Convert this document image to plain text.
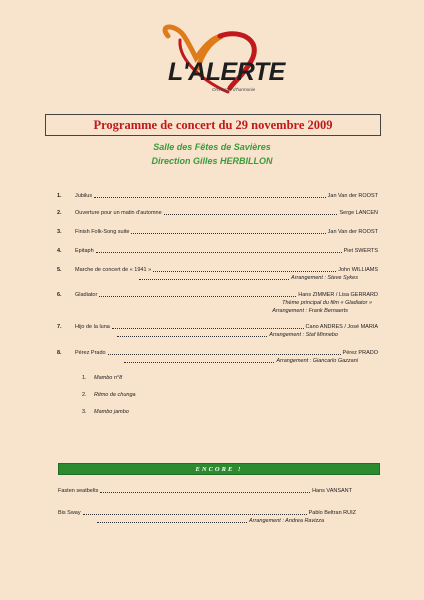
L'ALERTE
Orchestre d'harmonie
Programme de concert du 29 novembre 2009
Salle des Fêtes de Savières
Direction Gilles HERBILLON
1.	Jubilus	Jan Van der ROOST
2.	Ouverture pour un matin d'automne	Serge LANCEN
3.	Finish Folk-Song suite	Jan Van der ROOST
4.	Epitaph	Piet SWERTS
5.	Marche de concert de « 1941 »	John WILLIAMS
Arrangement : Steve Sykes
6.	Gladiator	Hans ZIMMER / Lisa GERRARD
Thème principal du film « Gladiator »
Arrangement : Frank Bernaerts
7.	Hijo de la luna	Cano ANDRES / José MARIA
Arrangement : Staf Minnebo
8.	Pérez Prado	Pérez PRADO
Arrangement : Giancarlo Gazzani
1.	Mambo n°8
2.	Ritmo de chunga
3.	Mambo jambo
ENCORE !
Fasten seatbelts	Hans VANSANT
Bis Sway	Pablo Beltran RUIZ
Arrangement : Andrea Ravizza
